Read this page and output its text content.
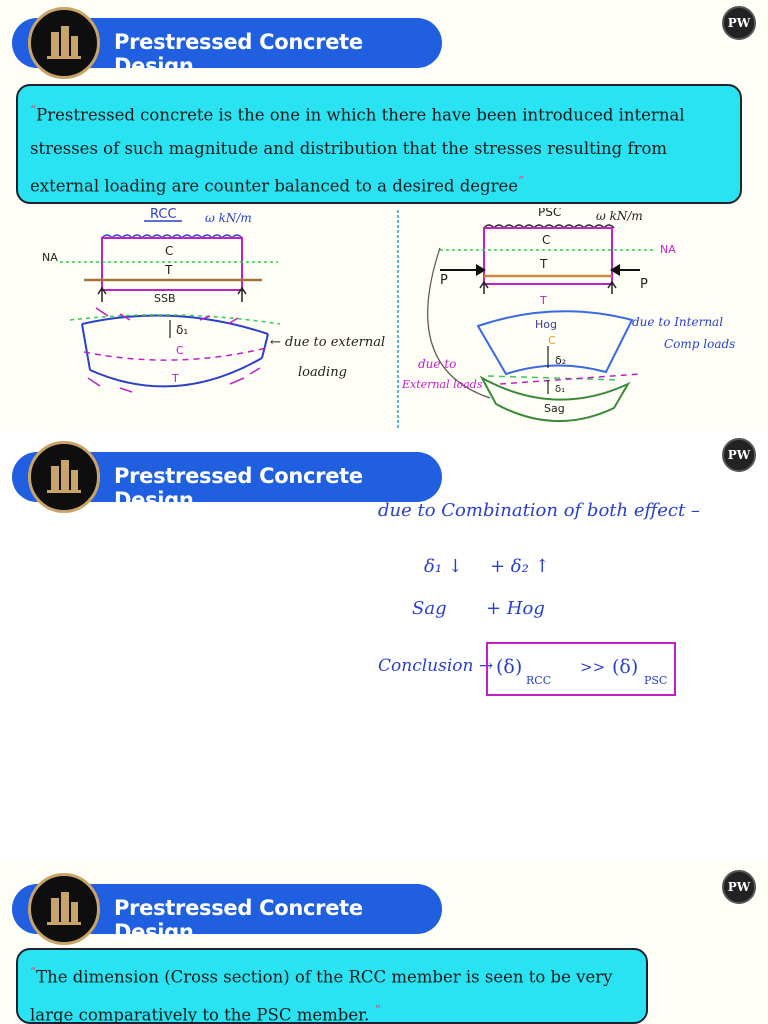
Prestressed Concrete Design
PW
“Prestressed concrete is the one in which there have been introduced internal stresses of such magnitude and distribution that the stresses resulting from external loading are counter balanced to a desired degree”
RCC ω kN/m
C
NA
T
SSB
C
T
δ₁
← due to external
loading
PSC	ω kN/m
C
NA
T
P	P
T
Hog
C
Sag
δ₂
δ₁
due to Internal
Comp loads
due to
External loads
Prestressed Concrete Design
PW
due to Combination of both effect –
δ₁ ↓ + δ₂ ↑
Sag + Hog
Conclusion → (δ)
RCC
>> (δ)
PSC
Prestressed Concrete Design
PW
“The dimension (Cross section) of the RCC member is seen to be very large comparatively to the PSC member. ”
